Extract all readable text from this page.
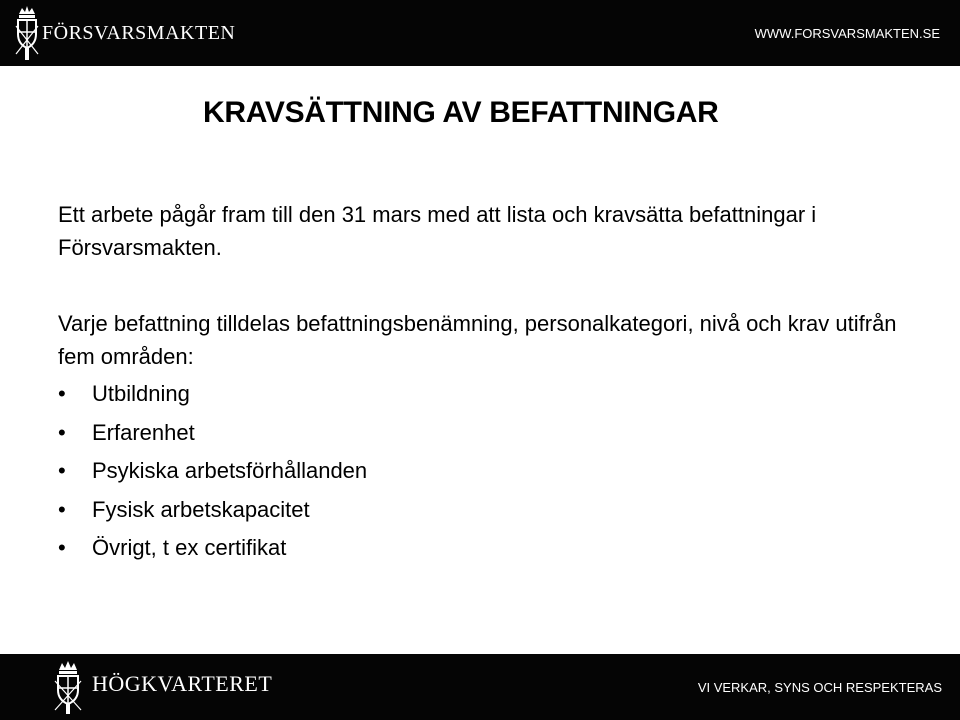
FÖRSVARSMAKTEN	WWW.FORSVARSMAKTEN.SE
KRAVSÄTTNING AV BEFATTNINGAR

Ett arbete pågår fram till den 31 mars med att lista och kravsätta befattningar i Försvarsmakten.

Varje befattning tilldelas befattningsbenämning, personalkategori, nivå och krav utifrån fem områden:

• Utbildning
• Erfarenhet
• Psykiska arbetsförhållanden
• Fysisk arbetskapacitet
• Övrigt, t ex certifikat
HÖGKVARTERET	VI VERKAR, SYNS OCH RESPEKTERAS
